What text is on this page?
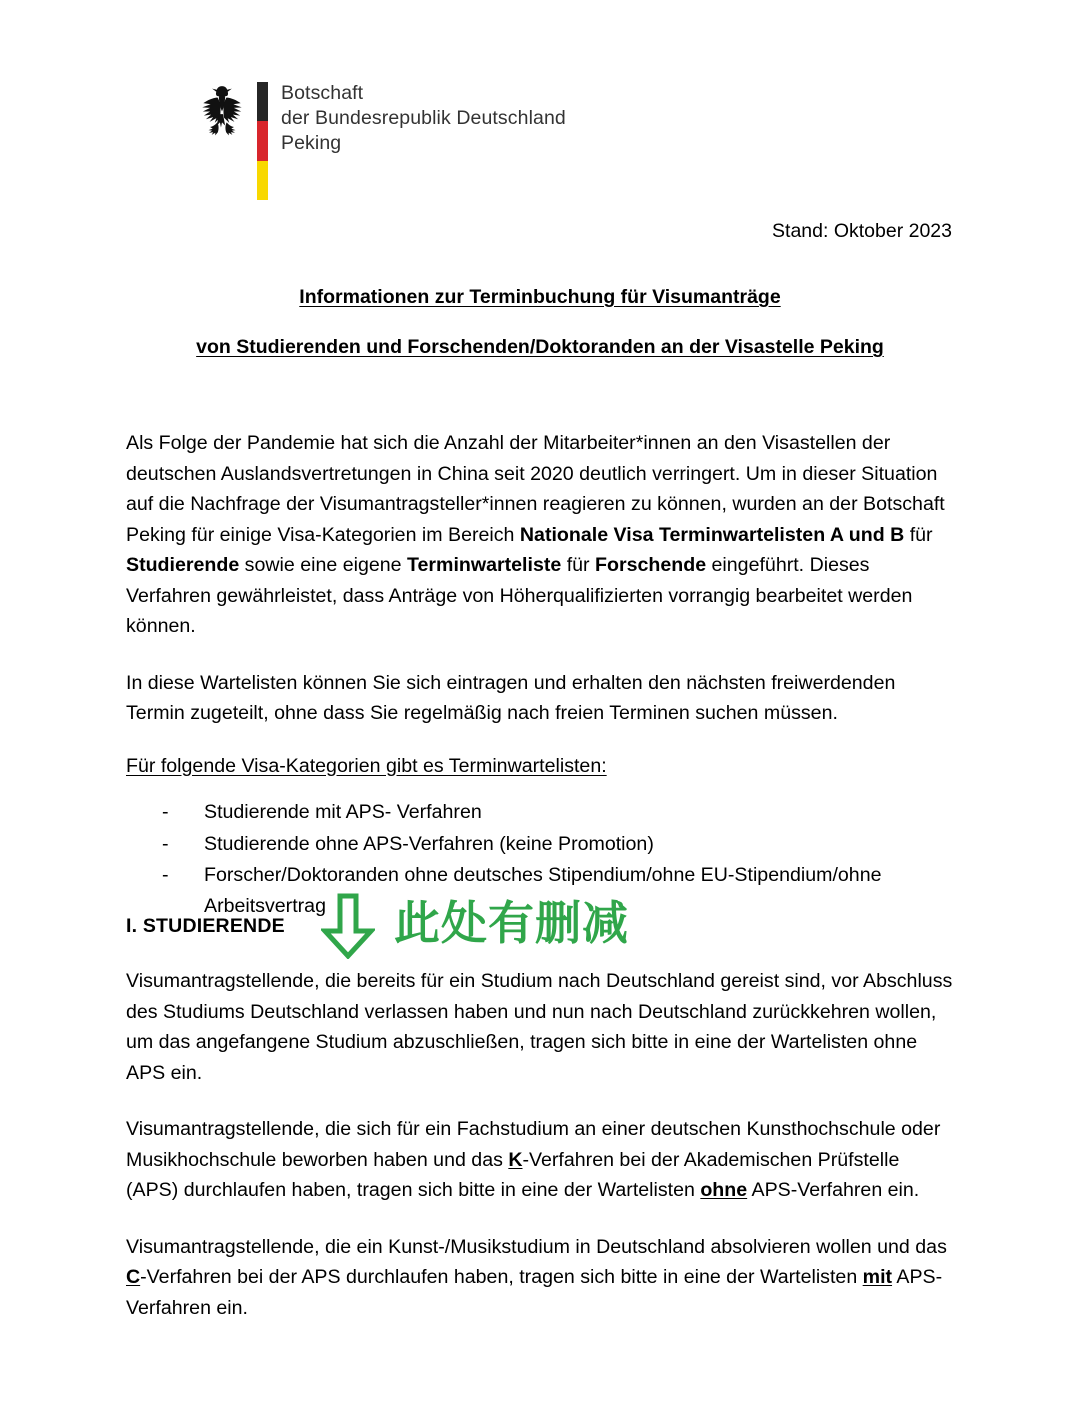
Botschaft
der Bundesrepublik Deutschland
Peking
Stand: Oktober 2023
Informationen zur Terminbuchung für Visumanträge
von Studierenden und Forschenden/Doktoranden an der Visastelle Peking

Als Folge der Pandemie hat sich die Anzahl der Mitarbeiter*innen an den Visastellen der deutschen Auslandsvertretungen in China seit 2020 deutlich verringert. Um in dieser Situation auf die Nachfrage der Visumantragsteller*innen reagieren zu können, wurden an der Botschaft Peking für einige Visa-Kategorien im Bereich Nationale Visa Terminwartelisten A und B für Studierende sowie eine eigene Terminwarteliste für Forschende eingeführt. Dieses Verfahren gewährleistet, dass Anträge von Höherqualifizierten vorrangig bearbeitet werden können.

In diese Wartelisten können Sie sich eintragen und erhalten den nächsten freiwerdenden Termin zugeteilt, ohne dass Sie regelmäßig nach freien Terminen suchen müssen.

Für folgende Visa-Kategorien gibt es Terminwartelisten:
- Studierende mit APS- Verfahren
- Studierende ohne APS-Verfahren (keine Promotion)
- Forscher/Doktoranden ohne deutsches Stipendium/ohne EU-Stipendium/ohne Arbeitsvertrag
I. STUDIERENDE 此处有删减

Visumantragstellende, die bereits für ein Studium nach Deutschland gereist sind, vor Abschluss des Studiums Deutschland verlassen haben und nun nach Deutschland zurückkehren wollen, um das angefangene Studium abzuschließen, tragen sich bitte in eine der Wartelisten ohne APS ein.

Visumantragstellende, die sich für ein Fachstudium an einer deutschen Kunsthochschule oder Musikhochschule beworben haben und das K-Verfahren bei der Akademischen Prüfstelle (APS) durchlaufen haben, tragen sich bitte in eine der Wartelisten ohne APS-Verfahren ein.

Visumantragstellende, die ein Kunst-/Musikstudium in Deutschland absolvieren wollen und das C-Verfahren bei der APS durchlaufen haben, tragen sich bitte in eine der Wartelisten mit APS-Verfahren ein.
